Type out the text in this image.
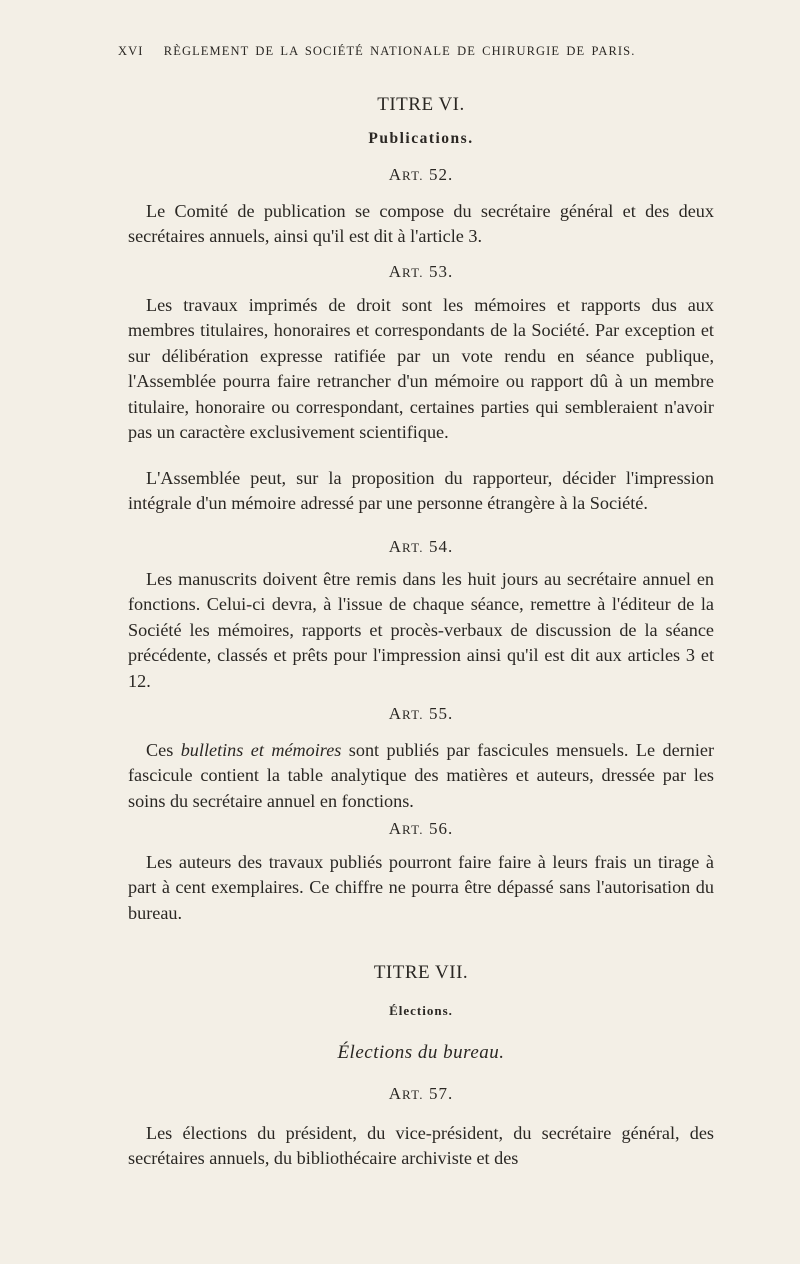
XVI RÈGLEMENT DE LA SOCIÉTÉ NATIONALE DE CHIRURGIE DE PARIS.
TITRE VI.
Publications.
ART. 52.

Le Comité de publication se compose du secrétaire général et des deux secrétaires annuels, ainsi qu'il est dit à l'article 3.

ART. 53.

Les travaux imprimés de droit sont les mémoires et rapports dus aux membres titulaires, honoraires et correspondants de la Société. Par exception et sur délibération expresse ratifiée par un vote rendu en séance publique, l'Assemblée pourra faire retrancher d'un mémoire ou rapport dû à un membre titulaire, honoraire ou correspondant, certaines parties qui sembleraient n'avoir pas un caractère exclusivement scientifique.

L'Assemblée peut, sur la proposition du rapporteur, décider l'impression intégrale d'un mémoire adressé par une personne étrangère à la Société.

ART. 54.

Les manuscrits doivent être remis dans les huit jours au secrétaire annuel en fonctions. Celui-ci devra, à l'issue de chaque séance, remettre à l'éditeur de la Société les mémoires, rapports et procès-verbaux de discussion de la séance précédente, classés et prêts pour l'impression ainsi qu'il est dit aux articles 3 et 12.

ART. 55.

Ces bulletins et mémoires sont publiés par fascicules mensuels. Le dernier fascicule contient la table analytique des matières et auteurs, dressée par les soins du secrétaire annuel en fonctions.

ART. 56.

Les auteurs des travaux publiés pourront faire faire à leurs frais un tirage à part à cent exemplaires. Ce chiffre ne pourra être dépassé sans l'autorisation du bureau.

TITRE VII.
Élections.
Élections du bureau.
ART. 57.

Les élections du président, du vice-président, du secrétaire général, des secrétaires annuels, du bibliothécaire archiviste et des
